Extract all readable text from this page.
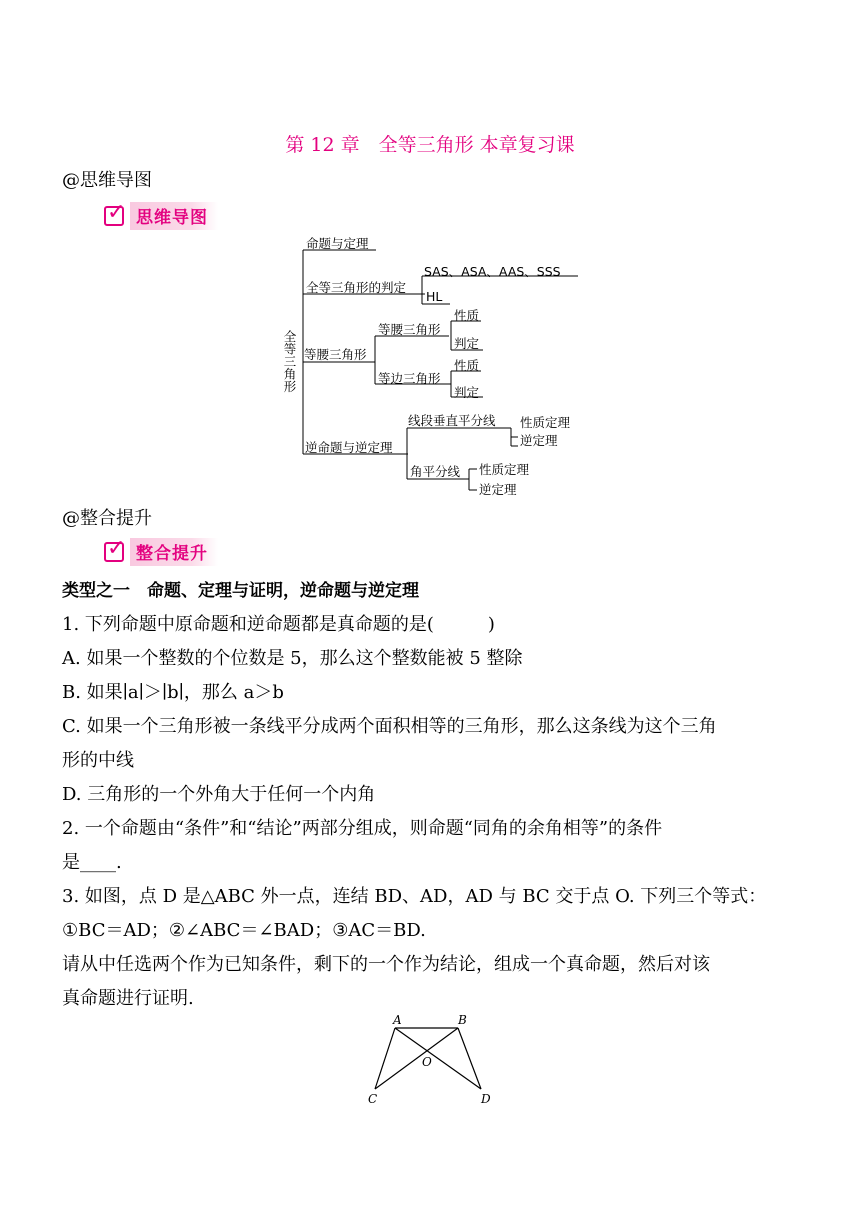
第 12 章　全等三角形 本章复习课
@思维导图
✓ 思维导图
全等三角形
命题与定理
全等三角形的判定
SAS、ASA、AAS、SSS
HL
等腰三角形
等腰三角形
性质
判定
等边三角形
性质
判定
逆命题与逆定理
线段垂直平分线 性质定理
逆定理
角平分线 性质定理
逆定理
@整合提升
✓ 整合提升
类型之一　命题、定理与证明，逆命题与逆定理
1. 下列命题中原命题和逆命题都是真命题的是(　　　)
A. 如果一个整数的个位数是 5，那么这个整数能被 5 整除
B. 如果∣a∣＞∣b∣，那么 a＞b
C. 如果一个三角形被一条线平分成两个面积相等的三角形，那么这条线为这个三角
形的中线
D. 三角形的一个外角大于任何一个内角
2. 一个命题由“条件”和“结论”两部分组成，则命题“同角的余角相等”的条件
是____.
3. 如图，点 D 是△ABC 外一点，连结 BD、AD，AD 与 BC 交于点 O. 下列三个等式：
①BC＝AD；②∠ABC＝∠BAD；③AC＝BD.
请从中任选两个作为已知条件，剩下的一个作为结论，组成一个真命题，然后对该
真命题进行证明.
A	B
C	D
O
